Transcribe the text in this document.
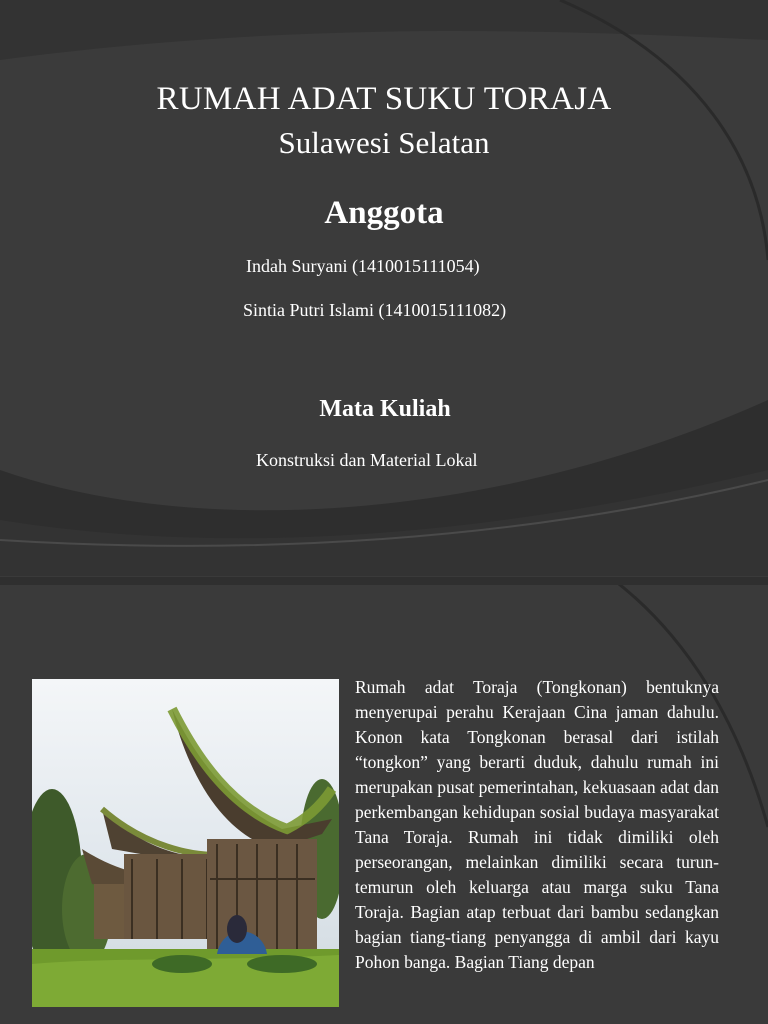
RUMAH ADAT SUKU TORAJA
Sulawesi Selatan
Anggota
Indah Suryani (1410015111054)
Sintia Putri Islami (1410015111082)
Mata Kuliah
Konstruksi dan Material Lokal
Rumah adat Toraja (Tongkonan) bentuknya menyerupai perahu Kerajaan Cina jaman dahulu. Konon kata Tongkonan berasal dari istilah “tongkon” yang berarti duduk, dahulu rumah ini merupakan pusat pemerintahan, kekuasaan adat dan perkembangan kehidupan sosial budaya masyarakat Tana Toraja. Rumah ini tidak dimiliki oleh perseorangan, melainkan dimiliki secara turun-temurun oleh keluarga atau marga suku Tana Toraja. Bagian atap terbuat dari bambu sedangkan bagian tiang-tiang penyangga di ambil dari kayu Pohon banga. Bagian Tiang depan
